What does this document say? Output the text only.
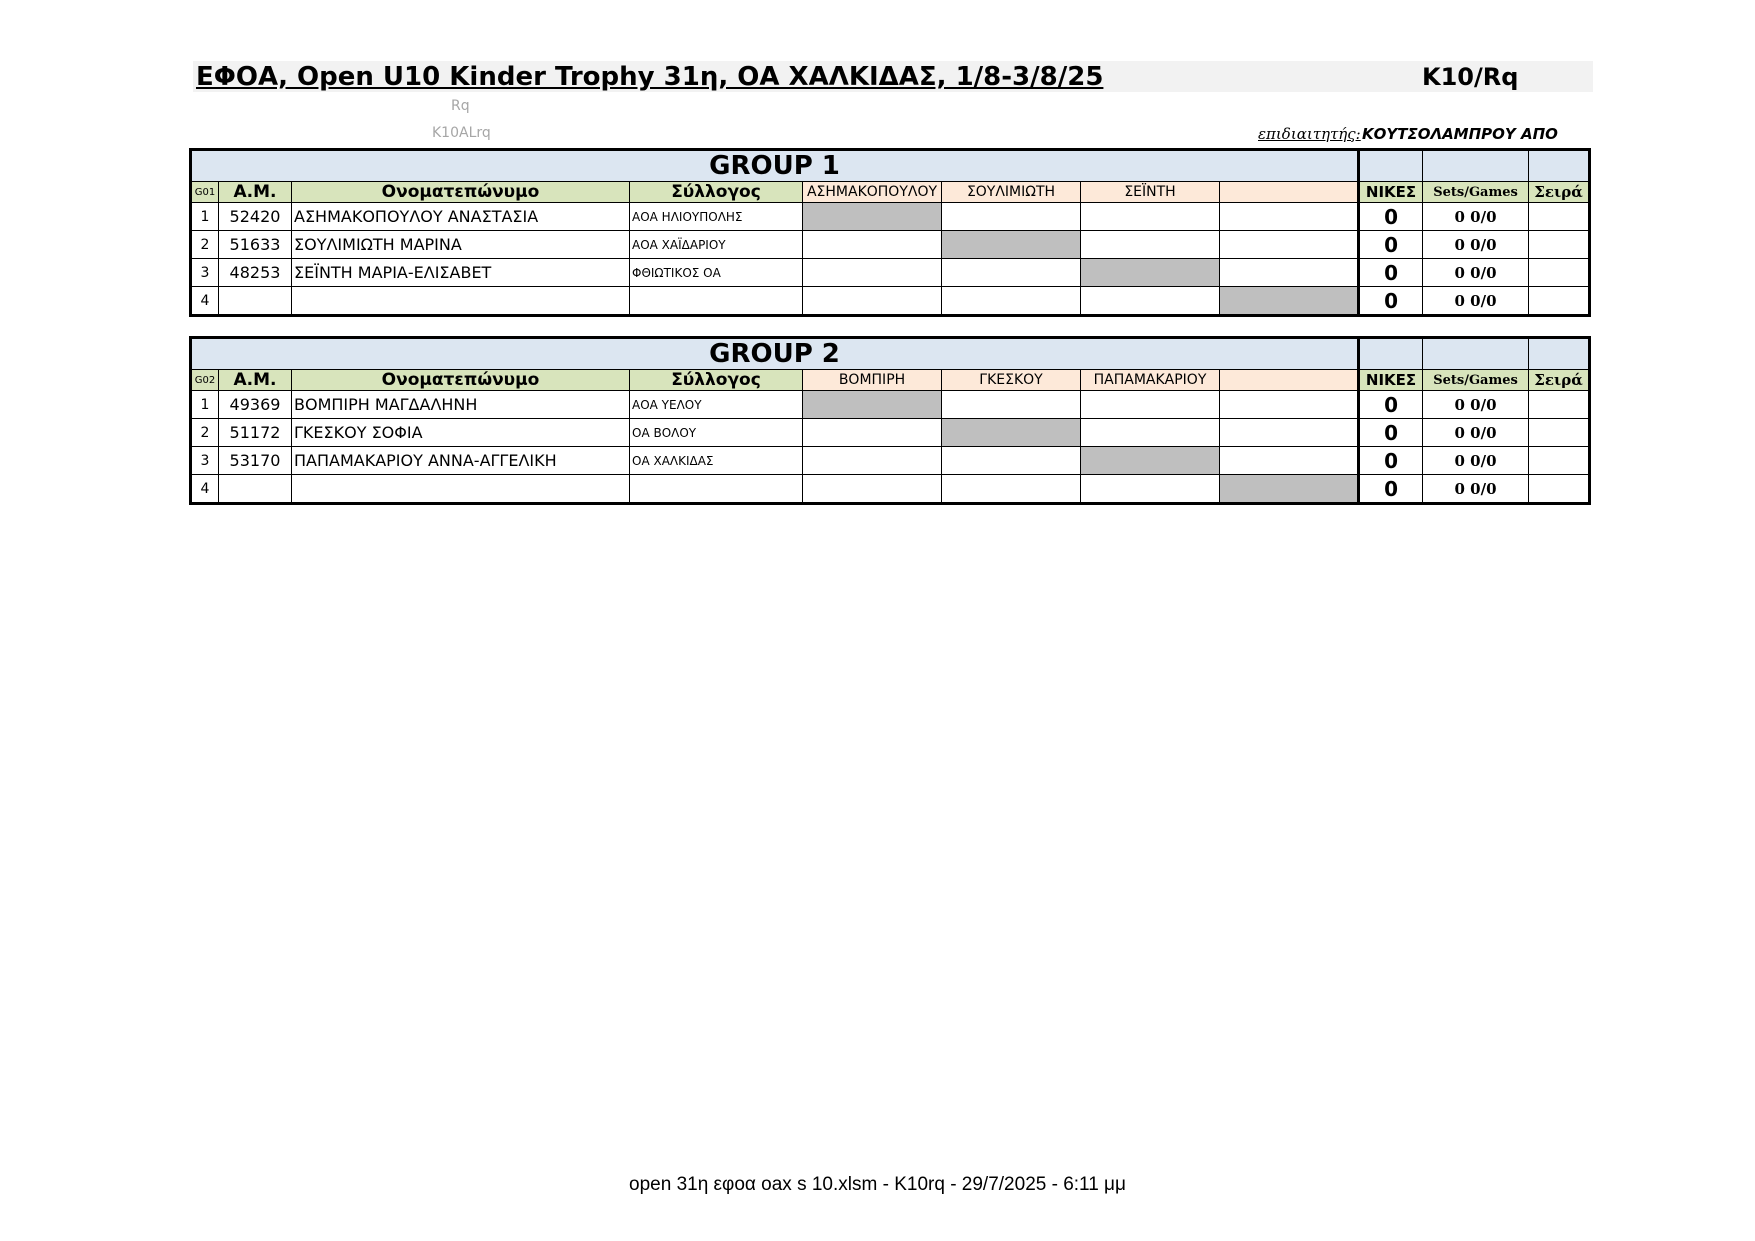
ΕΦΟΑ, Open U10 Kinder Trophy 31η, ΟΑ ΧΑΛΚΙΔΑΣ, 1/8-3/8/25	K10/Rq
Rq
K10ALrq	επιδιαιτητής: ΚΟΥΤΣΟΛΑΜΠΡΟΥ ΑΠΟ
GROUP 1										
G01	Α.Μ.	Ονοματεπώνυμο	Σύλλογος	ΑΣΗΜΑΚΟΠΟΥΛΟΥ	ΣΟΥΛΙΜΙΩΤΗ	ΣΕΪΝΤΗ		ΝΙΚΕΣ	Sets/Games	Σειρά
1	52420	ΑΣΗΜΑΚΟΠΟΥΛΟΥ ΑΝΑΣΤΑΣΙΑ	ΑΟΑ ΗΛΙΟΥΠΟΛΗΣ					0	0 0/0	
2	51633	ΣΟΥΛΙΜΙΩΤΗ ΜΑΡΙΝΑ	ΑΟΑ ΧΑΪΔΑΡΙΟΥ					0	0 0/0	
3	48253	ΣΕΪΝΤΗ ΜΑΡΙΑ-ΕΛΙΣΑΒΕΤ	ΦΘΙΩΤΙΚΟΣ ΟΑ					0	0 0/0	
4								0	0 0/0	
GROUP 2										
G02	Α.Μ.	Ονοματεπώνυμο	Σύλλογος	ΒΟΜΠΙΡΗ	ΓΚΕΣΚΟΥ	ΠΑΠΑΜΑΚΑΡΙΟΥ		ΝΙΚΕΣ	Sets/Games	Σειρά
1	49369	ΒΟΜΠΙΡΗ ΜΑΓΔΑΛΗΝΗ	ΑΟΑ ΥΕΛΟΥ					0	0 0/0	
2	51172	ΓΚΕΣΚΟΥ ΣΟΦΙΑ	ΟΑ ΒΟΛΟΥ					0	0 0/0	
3	53170	ΠΑΠΑΜΑΚΑΡΙΟΥ ΑΝΝΑ-ΑΓΓΕΛΙΚΗ	ΟΑ ΧΑΛΚΙΔΑΣ					0	0 0/0	
4								0	0 0/0	
open 31η εφοα oax s 10.xlsm - K10rq - 29/7/2025 - 6:11 μμ
